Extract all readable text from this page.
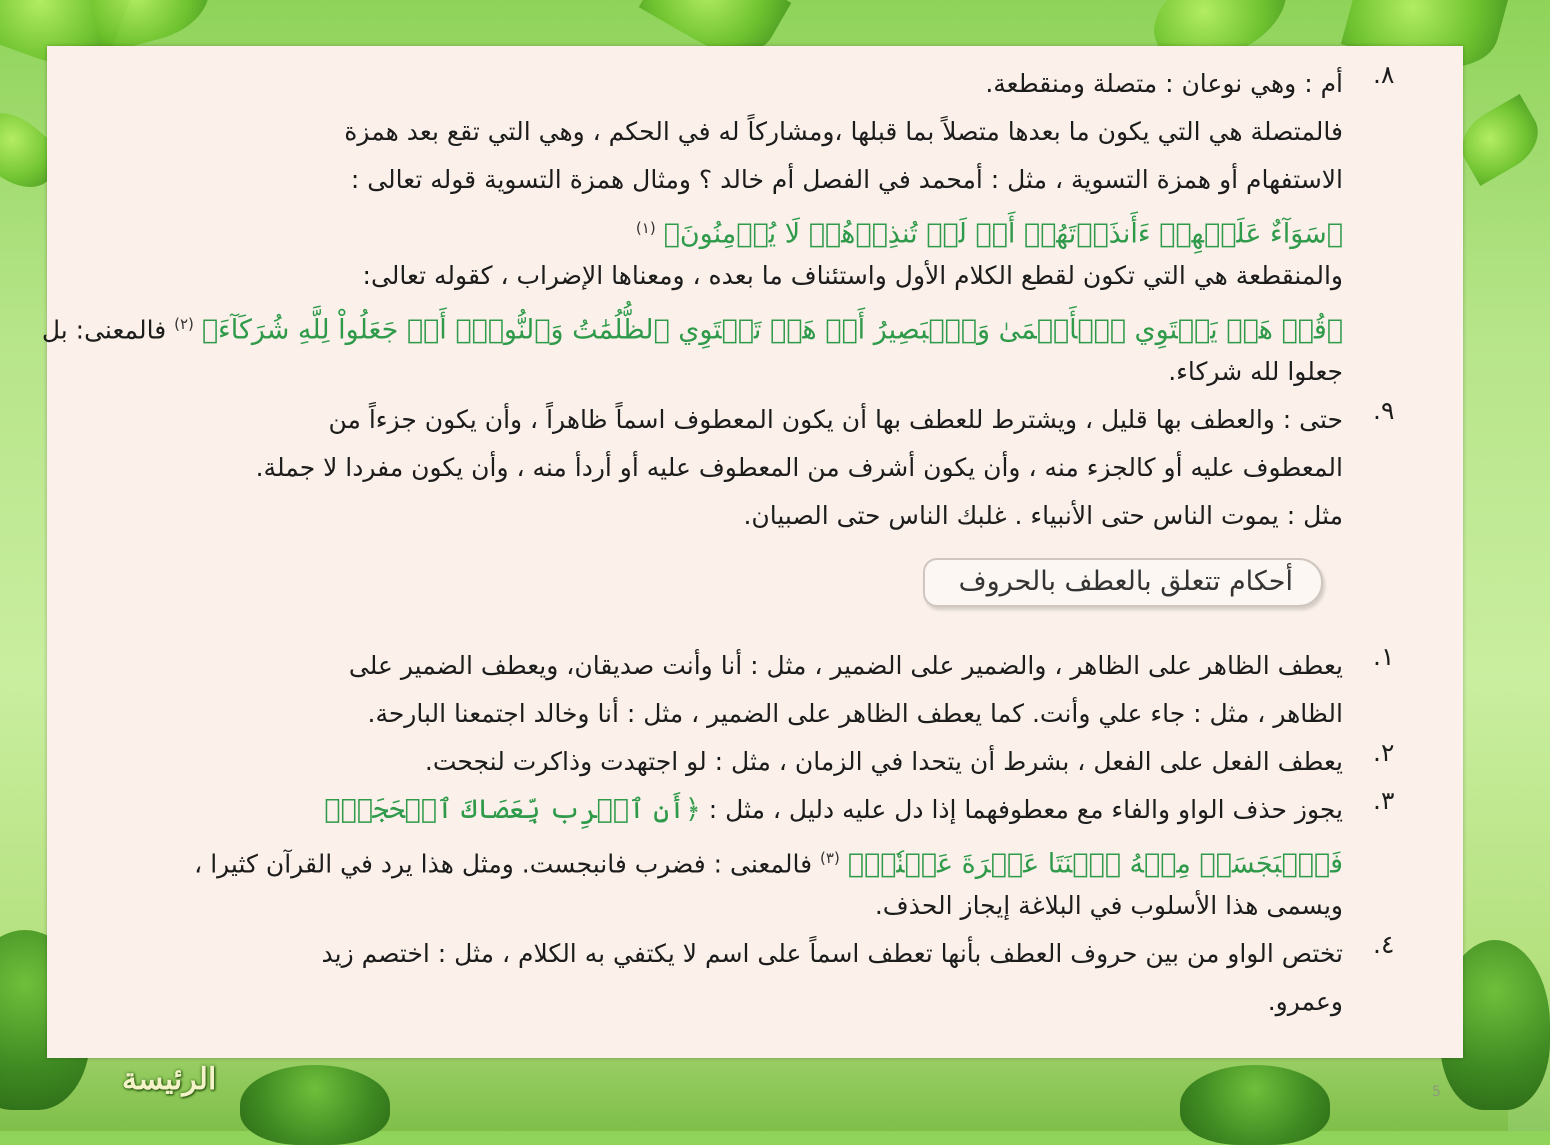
.٨
أم : وهي نوعان : متصلة ومنقطعة.
فالمتصلة هي التي يكون ما بعدها متصلاً بما قبلها ،ومشاركاً له في الحكم ، وهي التي تقع بعد همزة
الاستفهام أو همزة التسوية ، مثل : أمحمد في الفصل أم خالد ؟ ومثال همزة التسوية قوله تعالى :
﴿سَوَآءٌ عَلَيۡهِمۡ ءَأَنذَرۡتَهُمۡ أَمۡ لَمۡ تُنذِرۡهُمۡ لَا يُؤۡمِنُونَ﴾ $^{(١)}$
والمنقطعة هي التي تكون لقطع الكلام الأول واستئناف ما بعده ، ومعناها الإضراب ، كقوله تعالى:
﴿قُلۡ هَلۡ يَسۡتَوِي ٱلۡأَعۡمَىٰ وَٱلۡبَصِيرُ أَمۡ هَلۡ تَسۡتَوِي ٱلظُّلُمَٰتُ وَٱلنُّورُۗ أَمۡ جَعَلُواْ لِلَّهِ شُرَكَآءَ﴾ $^{(٢)}$ فالمعنى: بل
جعلوا لله شركاء.
.٩
حتى : والعطف بها قليل ، ويشترط للعطف بها أن يكون المعطوف اسماً ظاهراً ، وأن يكون جزءاً من
المعطوف عليه أو كالجزء منه ، وأن يكون أشرف من المعطوف عليه أو أردأ منه ، وأن يكون مفردا لا جملة.
مثل : يموت الناس حتى الأنبياء . غلبك الناس حتى الصبيان.
أحكام تتعلق بالعطف بالحروف
.١
يعطف الظاهر على الظاهر ، والضمير على الضمير ، مثل : أنا وأنت صديقان، ويعطف الضمير على
الظاهر ، مثل : جاء علي وأنت. كما يعطف الظاهر على الضمير ، مثل : أنا وخالد اجتمعنا البارحة.
.٢
يعطف الفعل على الفعل ، بشرط أن يتحدا في الزمان ، مثل : لو اجتهدت وذاكرت لنجحت.
.٣
يجوز حذف الواو والفاء مع معطوفهما إذا دل عليه دليل ، مثل : ﴿أَنِ ٱضۡرِب بِّعَصَاكَ ٱلۡحَجَرَۖ
فَٱنۢبَجَسَتۡ مِنۡهُ ٱثۡنَتَا عَشۡرَةَ عَيۡنٗاۖ﴾ $^{(٣)}$ فالمعنى : فضرب فانبجست. ومثل هذا يرد في القرآن كثيرا ،
ويسمى هذا الأسلوب في البلاغة إيجاز الحذف.
.٤
تختص الواو من بين حروف العطف بأنها تعطف اسماً على اسم لا يكتفي به الكلام ، مثل : اختصم زيد
وعمرو.
الرئيسة	5
